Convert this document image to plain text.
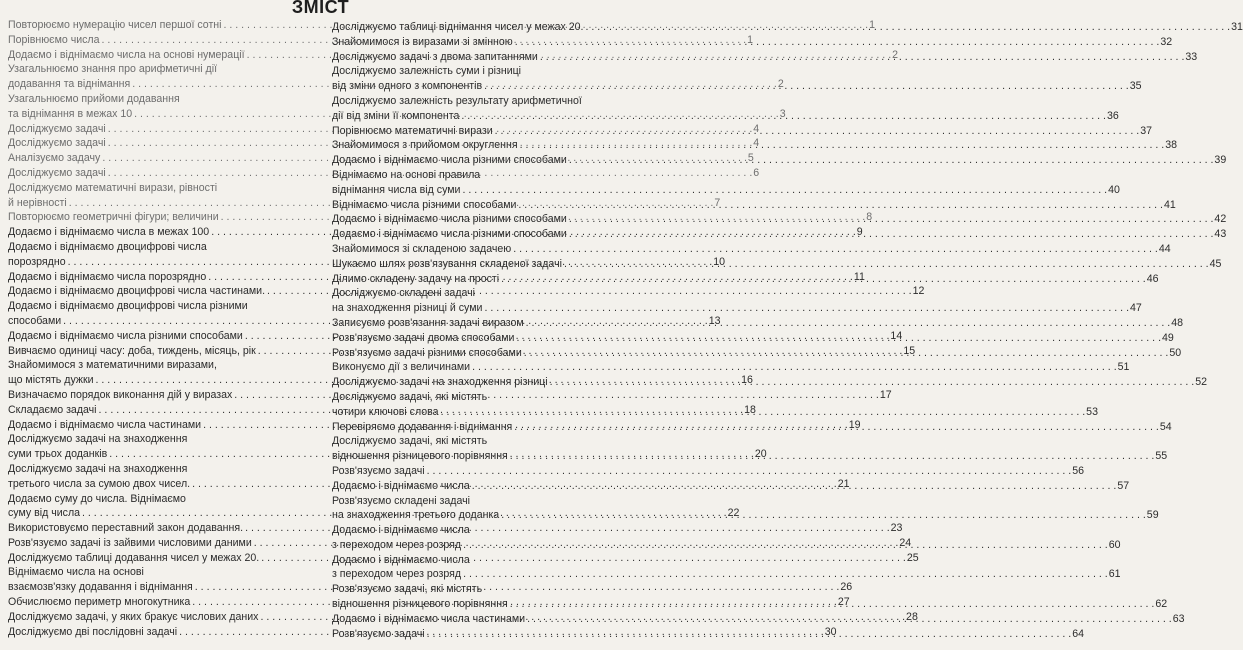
ЗМІСТ
Повторюємо нумерацію чисел першої сотні . . .	1
Порівнюємо числа . . .	1
Додаємо і віднімаємо числа на основі нумерації . . .	2
Узагальнюємо знання про арифметичні дії
додавання та віднімання . . .	2
Узагальнюємо прийоми додавання
та віднімання в межах 10 . . .	3
Досліджуємо задачі . . .	4
Досліджуємо задачі . . .	4
Аналізуємо задачу . . .	5
Досліджуємо задачі . . .	6
Досліджуємо математичні вирази, рівності
й нерівності . . .	7
Повторюємо геометричні фігури; величини . . .	8
Додаємо і віднімаємо числа в межах 100 . . .	9
Додаємо і віднімаємо двоцифрові числа
порозрядно . . .	10
Додаємо і віднімаємо числа порозрядно . . .	11
Додаємо і віднімаємо двоцифрові числа частинами. . . .	12
Додаємо і віднімаємо двоцифрові числа різними
способами . . .	13
Додаємо і віднімаємо числа різними способами . . .	14
Вивчаємо одиниці часу: доба, тиждень, місяць, рік . . .	15
Знайомимося з математичними виразами,
що містять дужки . . .	16
Визначаємо порядок виконання дій у виразах . . .	17
Складаємо задачі . . .	18
Додаємо і віднімаємо числа частинами . . .	19
Досліджуємо задачі на знаходження
суми трьох доданків . . .	20
Досліджуємо задачі на знаходження
третього числа за сумою двох чисел. . . .	21
Додаємо суму до числа. Віднімаємо
суму від числа . . .	22
Використовуємо переставний закон додавання. . . .	23
Розв'язуємо задачі із зайвими числовими даними . . .	24
Досліджуємо таблиці додавання чисел у межах 20. . . .	25
Віднімаємо числа на основі
взаємозв'язку додавання і віднімання . . .	26
Обчислюємо периметр многокутника . . .	27
Досліджуємо задачі, у яких бракує числових даних . . .	28
Досліджуємо дві послідовні задачі . . .	30
Досліджуємо таблиці віднімання чисел у межах 20. . . .	31
Знайомимося із виразами зі змінною . . .	32
Досліджуємо задачі з двома запитаннями . . .	33
Досліджуємо залежність суми і різниці
від зміни одного з компонентів . . .	35
Досліджуємо залежність результату арифметичної
дії від зміни її компонента . . .	36
Порівнюємо математичні вирази . . .	37
Знайомимося з прийомом округлення . . .	38
Додаємо і віднімаємо числа різними способами . . .	39
Віднімаємо на основі правила
віднімання числа від суми . . .	40
Віднімаємо числа різними способами . . .	41
Додаємо і віднімаємо числа різними способами . . .	42
Додаємо і віднімаємо числа різними способами . . .	43
Знайомимося зі складеною задачею . . .	44
Шукаємо шлях розв'язування складеної задачі . . .	45
Ділимо складену задачу на прості . . .	46
Досліджуємо складені задачі
на знаходження різниці й суми . . .	47
Записуємо розв'язання задачі виразом . . .	48
Розв'язуємо задачі двома способами . . .	49
Розв'язуємо задачі різними способами . . .	50
Виконуємо дії з величинами . . .	51
Досліджуємо задачі на знаходження різниці . . .	52
Досліджуємо задачі, які містять
чотири ключові слова . . .	53
Перевіряємо додавання і віднімання . . .	54
Досліджуємо задачі, які містять
відношення різницевого порівняння . . .	55
Розв'язуємо задачі . . .	56
Додаємо і віднімаємо числа . . .	57
Розв'язуємо складені задачі
на знаходження третього доданка . . .	59
Додаємо і віднімаємо числа
з переходом через розряд . . .	60
Додаємо і віднімаємо числа
з переходом через розряд . . .	61
Розв'язуємо задачі, які містять
відношення різницевого порівняння . . .	62
Додаємо і віднімаємо числа частинами . . .	63
Розв'язуємо задачі . . .	64
